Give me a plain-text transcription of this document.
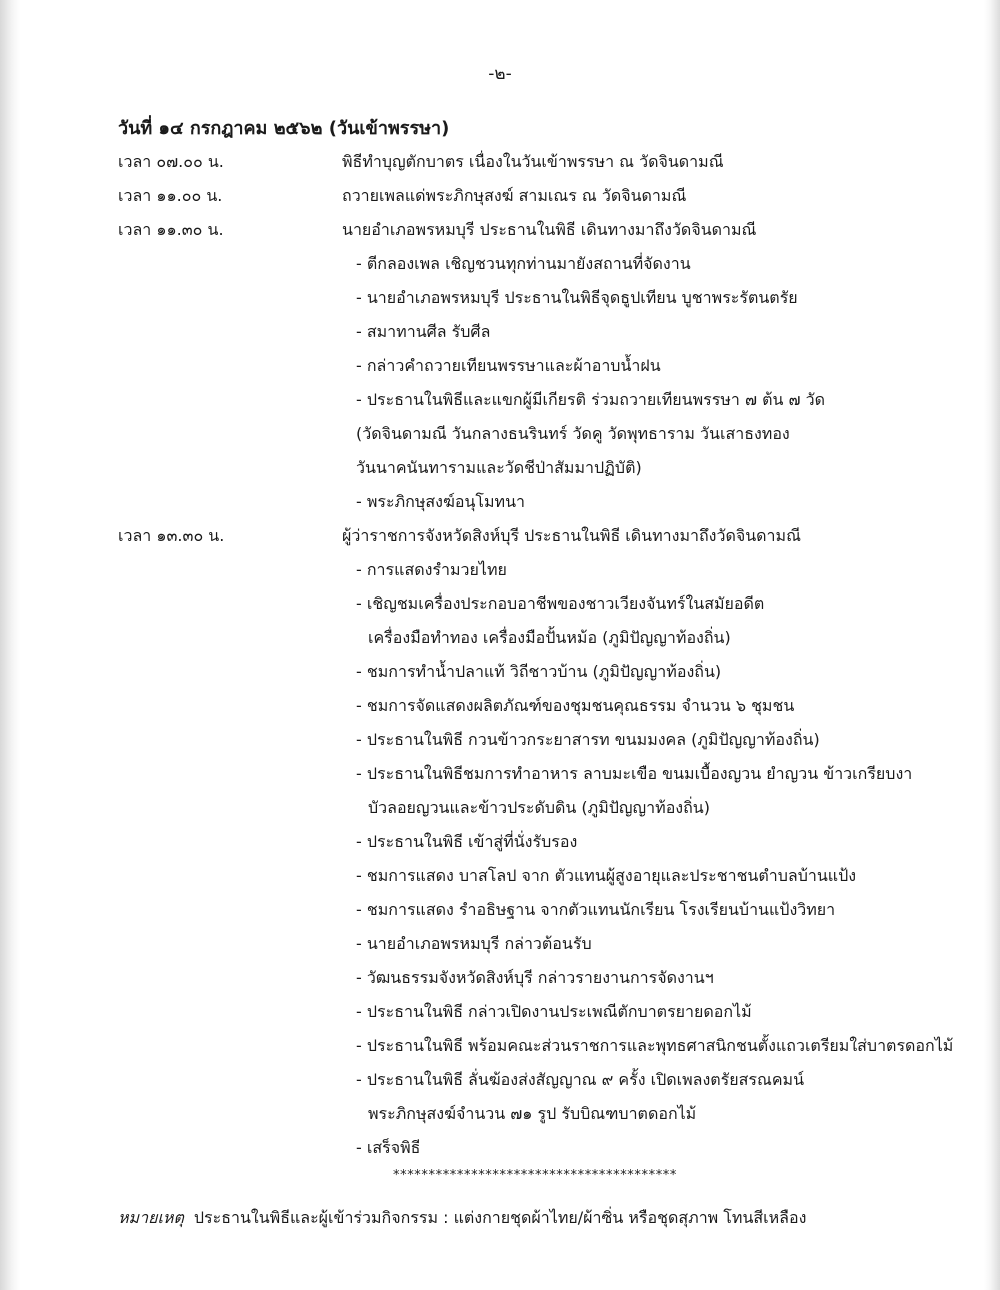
-๒-
วันที่ ๑๔ กรกฎาคม ๒๕๖๒ (วันเข้าพรรษา)
เวลา ๐๗.๐๐ น.	พิธีทำบุญตักบาตร เนื่องในวันเข้าพรรษา ณ วัดจินดามณี
เวลา ๑๑.๐๐ น.	ถวายเพลแด่พระภิกษุสงฆ์ สามเณร ณ วัดจินดามณี
เวลา ๑๑.๓๐ น.	นายอำเภอพรหมบุรี ประธานในพิธี เดินทางมาถึงวัดจินดามณี
- ตีกลองเพล เชิญชวนทุกท่านมายังสถานที่จัดงาน
- นายอำเภอพรหมบุรี ประธานในพิธีจุดธูปเทียน บูชาพระรัตนตรัย
- สมาทานศีล รับศีล
- กล่าวคำถวายเทียนพรรษาและผ้าอาบน้ำฝน
- ประธานในพิธีและแขกผู้มีเกียรติ ร่วมถวายเทียนพรรษา ๗ ต้น ๗ วัด
(วัดจินดามณี วันกลางธนรินทร์ วัดคู วัดพุทธาราม วันเสาธงทอง
วันนาคนันทารามและวัดชีป่าสัมมาปฏิบัติ)
- พระภิกษุสงฆ์อนุโมทนา
เวลา ๑๓.๓๐ น.	ผู้ว่าราชการจังหวัดสิงห์บุรี ประธานในพิธี เดินทางมาถึงวัดจินดามณี
- การแสดงรำมวยไทย
- เชิญชมเครื่องประกอบอาชีพของชาวเวียงจันทร์ในสมัยอดีต
เครื่องมือทำทอง เครื่องมือปั้นหม้อ (ภูมิปัญญาท้องถิ่น)
- ชมการทำน้ำปลาแท้ วิถีชาวบ้าน (ภูมิปัญญาท้องถิ่น)
- ชมการจัดแสดงผลิตภัณฑ์ของชุมชนคุณธรรม จำนวน ๖ ชุมชน
- ประธานในพิธี กวนข้าวกระยาสารท ขนมมงคล (ภูมิปัญญาท้องถิ่น)
- ประธานในพิธีชมการทำอาหาร ลาบมะเขือ ขนมเบื้องญวน ยำญวน ข้าวเกรียบงา
บัวลอยญวนและข้าวประดับดิน (ภูมิปัญญาท้องถิ่น)
- ประธานในพิธี เข้าสู่ที่นั่งรับรอง
- ชมการแสดง บาสโลป จาก ตัวแทนผู้สูงอายุและประชาชนตำบลบ้านแป้ง
- ชมการแสดง รำอธิษฐาน จากตัวแทนนักเรียน โรงเรียนบ้านแป้งวิทยา
- นายอำเภอพรหมบุรี กล่าวต้อนรับ
- วัฒนธรรมจังหวัดสิงห์บุรี กล่าวรายงานการจัดงานฯ
- ประธานในพิธี กล่าวเปิดงานประเพณีตักบาตรยายดอกไม้
- ประธานในพิธี พร้อมคณะส่วนราชการและพุทธศาสนิกชนตั้งแถวเตรียมใส่บาตรดอกไม้
- ประธานในพิธี ลั่นฆ้องส่งสัญญาณ ๙ ครั้ง เปิดเพลงตรัยสรณคมน์
พระภิกษุสงฆ์จำนวน ๗๑ รูป รับบิณฑบาตดอกไม้
- เสร็จพิธี
****************************************
หมายเหตุ ประธานในพิธีและผู้เข้าร่วมกิจกรรม : แต่งกายชุดผ้าไทย/ผ้าซิ่น หรือชุดสุภาพ โทนสีเหลือง
